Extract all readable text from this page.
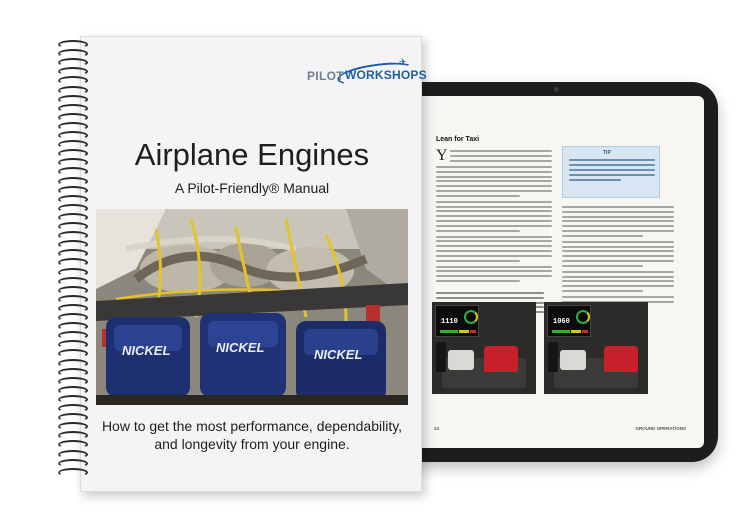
Lean for Taxi
Y	TIP
1110	1060
24	GROUND OPERATIONS
✈
PILOT WORKSHOPS
Airplane Engines
A Pilot-Friendly® Manual
NICKEL	NICKEL	NICKEL
How to get the most performance, dependability,
and longevity from your engine.
